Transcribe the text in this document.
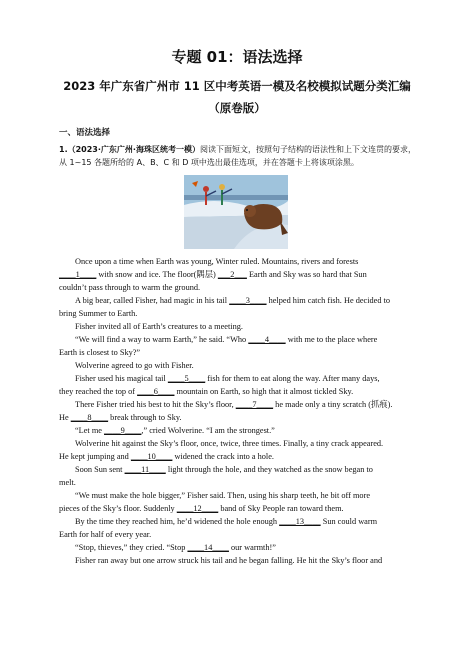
专题 01：语法选择
2023 年广东省广州市 11 区中考英语一模及名校模拟试题分类汇编
（原卷版）
一、语法选择
1.（2023·广东广州·海珠区统考一模）阅读下面短文，按照句子结构的语法性和上下文连贯的要求，从 1~15 各题所给的 A、B、C 和 D 项中选出最佳选项，并在答题卡上将该项涂黑。

Once upon a time when Earth was young, Winter ruled. Mountains, rivers and forests

____1____ with snow and ice. The floor(隅层) ___2___ Earth and Sky was so hard that Sun

couldn’t pass through to warm the ground.

A big bear, called Fisher, had magic in his tail ____3____ helped him catch fish. He decided to

bring Summer to Earth.

Fisher invited all of Earth’s creatures to a meeting.

“We will find a way to warm Earth,” he said. “Who ____4____ with me to the place where

Earth is closest to Sky?”

Wolverine agreed to go with Fisher.

Fisher used his magical tail ____5____ fish for them to eat along the way. After many days,

they reached the top of ____6____ mountain on Earth, so high that it almost tickled Sky.

There Fisher tried his best to hit the Sky’s floor, ____7____ he made only a tiny scratch (抓痕).

He ____8____ break through to Sky.

“Let me ____9____,” cried Wolverine. “I am the strongest.”

Wolverine hit against the Sky’s floor, once, twice, three times. Finally, a tiny crack appeared.

He kept jumping and ____10____ widened the crack into a hole.

Soon Sun sent ____11____ light through the hole, and they watched as the snow began to

melt.

“We must make the hole bigger,” Fisher said. Then, using his sharp teeth, he bit off more

pieces of the Sky’s floor. Suddenly ____12____ band of Sky People ran toward them.

By the time they reached him, he’d widened the hole enough ____13____ Sun could warm

Earth for half of every year.

“Stop, thieves,” they cried. “Stop ____14____ our warmth!”

Fisher ran away but one arrow struck his tail and he began falling. He hit the Sky’s floor and
